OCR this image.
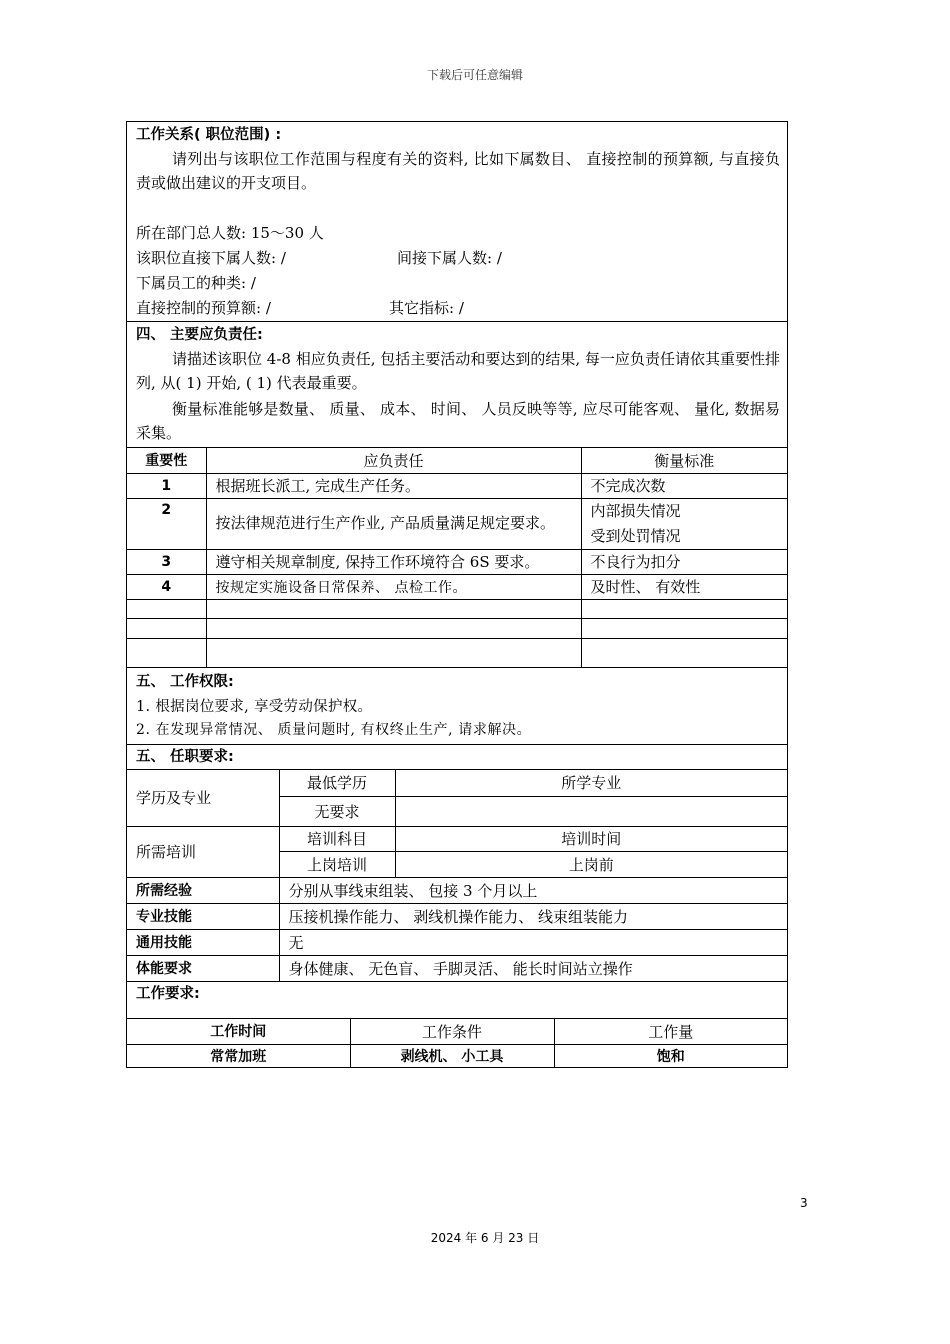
下载后可任意编辑
工作关系( 职位范围) :
请列出与该职位工作范围与程度有关的资料, 比如下属数目、 直接控制的预算额, 与直接负责或做出建议的开支项目。
所在部门总人数: 15～30 人
该职位直接下属人数: /	间接下属人数: /
下属员工的种类: /
直接控制的预算额: /	其它指标: /
四、 主要应负责任:
请描述该职位 4-8 相应负责任, 包括主要活动和要达到的结果, 每一应负责任请依其重要性排列, 从( 1) 开始, ( 1) 代表最重要。
衡量标准能够是数量、 质量、 成本、 时间、 人员反映等等, 应尽可能客观、 量化, 数据易采集。
重要性	应负责任	衡量标准
1	根据班长派工, 完成生产任务。	不完成次数
2	按法律规范进行生产作业, 产品质量满足规定要求。	内部损失情况
受到处罚情况

3	遵守相关规章制度, 保持工作环境符合 6S 要求。	不良行为扣分
4	按规定实施设备日常保养、 点检工作。	及时性、 有效性

五、 工作权限:
1. 根据岗位要求, 享受劳动保护权。
2. 在发现异常情况、 质量问题时, 有权终止生产, 请求解决。
五、 任职要求:
学历及专业	最低学历	所学专业
	无要求	
所需培训	培训科目	培训时间
	上岗培训	上岗前
所需经验	分别从事线束组装、 包接 3 个月以上	
专业技能	压接机操作能力、 剥线机操作能力、 线束组装能力	
通用技能	无	
体能要求	身体健康、 无色盲、 手脚灵活、 能长时间站立操作	
工作要求:
工作时间	工作条件	工作量
常常加班	剥线机、 小工具	饱和
3
2024 年 6 月 23 日
